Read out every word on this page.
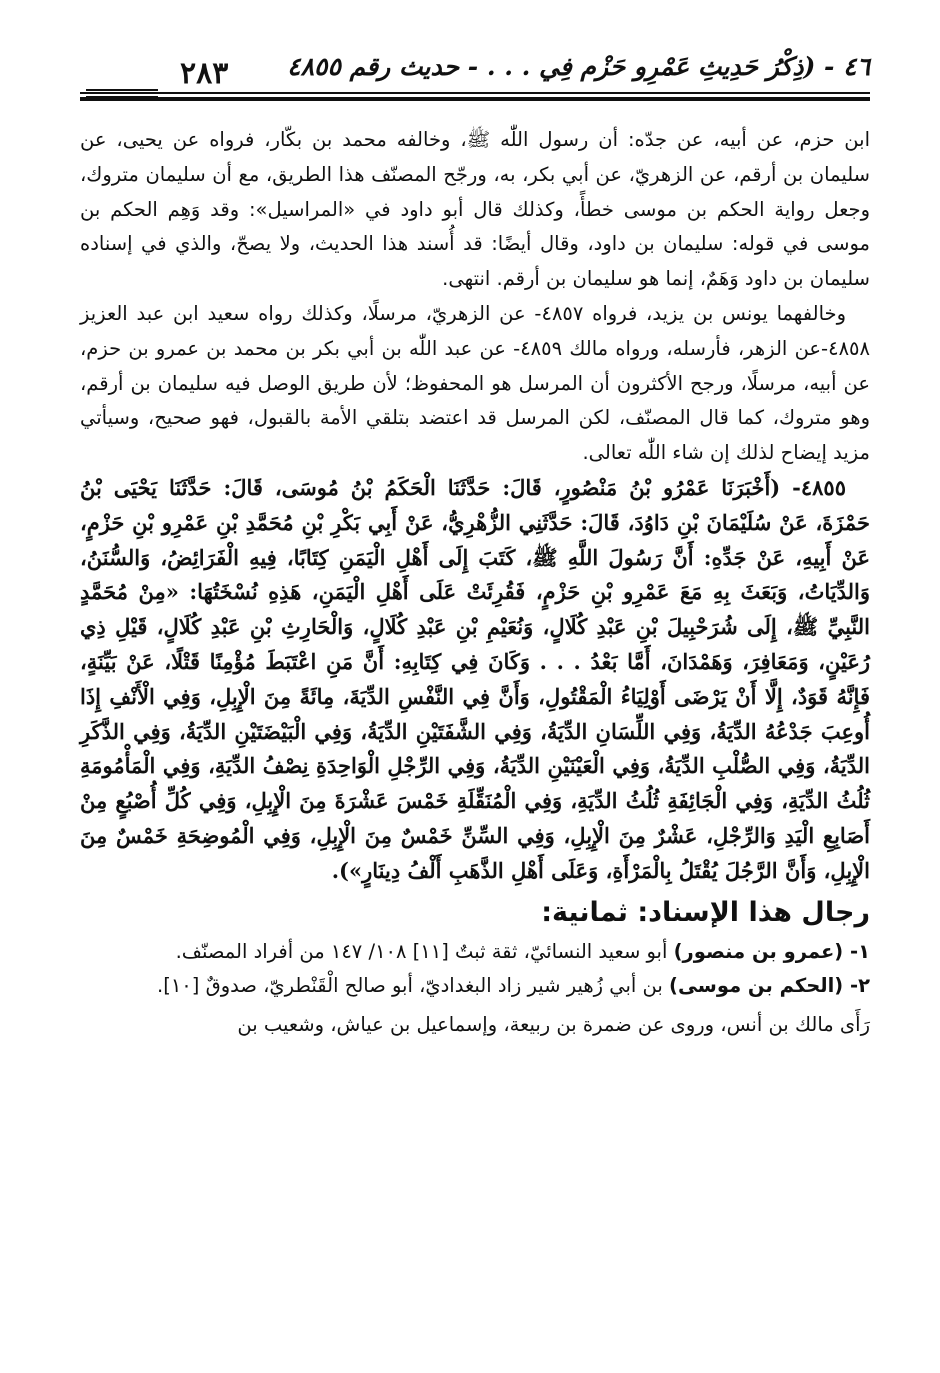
٢٨٣ ٤٦ - (ذِكْرُ حَدِيثِ عَمْرِو حَزْم فِي . . . - حديث رقم ٤٨٥٥

ابن حزم، عن أبيه، عن جدّه: أن رسول اللّٰه ﷺ، وخالفه محمد بن بكّار، فرواه عن يحيى، عن سليمان بن أرقم، عن الزهريّ، عن أبي بكر، به، ورجّح المصنّف هذا الطريق، مع أن سليمان متروك، وجعل رواية الحكم بن موسى خطأً، وكذلك قال أبو داود في «المراسيل»: وقد وَهِم الحكم بن موسى في قوله: سليمان بن داود، وقال أيضًا: قد أُسند هذا الحديث، ولا يصحّ، والذي في إسناده سليمان بن داود وَهَمٌ، إنما هو سليمان بن أرقم. انتهى.

وخالفهما يونس بن يزيد، فرواه ٤٨٥٧- عن الزهريّ، مرسلًا، وكذلك رواه سعيد ابن عبد العزيز ٤٨٥٨-عن الزهر، فأرسله، ورواه مالك ٤٨٥٩- عن عبد اللّٰه بن أبي بكر بن محمد بن عمرو بن حزم، عن أبيه، مرسلًا، ورجح الأكثرون أن المرسل هو المحفوظ؛ لأن طريق الوصل فيه سليمان بن أرقم، وهو متروك، كما قال المصنّف، لكن المرسل قد اعتضد بتلقي الأمة بالقبول، فهو صحيح، وسيأتي مزيد إيضاح لذلك إن شاء اللّٰه تعالى.

٤٨٥٥- (أَخْبَرَنَا عَمْرُو بْنُ مَنْصُورٍ، قَالَ: حَدَّثَنَا الْحَكَمُ بْنُ مُوسَى، قَالَ: حَدَّثَنَا يَحْيَى بْنُ حَمْزَةَ، عَنْ سُلَيْمَانَ بْنِ دَاوُدَ، قَالَ: حَدَّثَنِي الزُّهْرِيُّ، عَنْ أَبِي بَكْرِ بْنِ مُحَمَّدِ بْنِ عَمْرِو بْنِ حَزْمٍ، عَنْ أَبِيهِ، عَنْ جَدِّهِ: أَنَّ رَسُولَ اللَّهِ ﷺ، كَتَبَ إِلَى أَهْلِ الْيَمَنِ كِتَابًا، فِيهِ الْفَرَائِضُ، وَالسُّنَنُ، وَالدِّيَاتُ، وَبَعَثَ بِهِ مَعَ عَمْرِو بْنِ حَزْمٍ، فَقُرِئَتْ عَلَى أَهْلِ الْيَمَنِ، هَذِهِ نُسْخَتُهَا: «مِنْ مُحَمَّدٍ النَّبِيِّ ﷺ، إِلَى شُرَحْبِيلَ بْنِ عَبْدِ كُلَالٍ، وَنُعَيْمِ بْنِ عَبْدِ كُلَالٍ، وَالْحَارِثِ بْنِ عَبْدِ كُلَالٍ، قَيْلِ ذِي رُعَيْنٍ، وَمَعَافِرَ، وَهَمْدَانَ، أَمَّا بَعْدُ . . . وَكَانَ فِي كِتَابِهِ: أَنَّ مَنِ اعْتَبَطَ مُؤْمِنًا قَتْلًا، عَنْ بَيِّنَةٍ، فَإِنَّهُ قَوَدٌ، إِلَّا أَنْ يَرْضَى أَوْلِيَاءُ الْمَقْتُولِ، وَأَنَّ فِي النَّفْسِ الدِّيَةَ، مِائَةً مِنَ الْإِبِلِ، وَفِي الْأَنْفِ إِذَا أُوعِبَ جَدْعُهُ الدِّيَةُ، وَفِي اللِّسَانِ الدِّيَةُ، وَفِي الشَّفَتَيْنِ الدِّيَةُ، وَفِي الْبَيْضَتَيْنِ الدِّيَةُ، وَفِي الذَّكَرِ الدِّيَةُ، وَفِي الصُّلْبِ الدِّيَةُ، وَفِي الْعَيْنَيْنِ الدِّيَةُ، وَفِي الرِّجْلِ الْوَاحِدَةِ نِصْفُ الدِّيَةِ، وَفِي الْمَأْمُومَةِ ثُلُثُ الدِّيَةِ، وَفِي الْجَائِفَةِ ثُلُثُ الدِّيَةِ، وَفِي الْمُنَقِّلَةِ خَمْسَ عَشْرَةَ مِنَ الْإِبِلِ، وَفِي كُلِّ أُصْبُعٍ مِنْ أَصَابِعِ الْيَدِ وَالرِّجْلِ، عَشْرٌ مِنَ الْإِبِلِ، وَفِي السِّنِّ خَمْسٌ مِنَ الْإِبِلِ، وَفِي الْمُوضِحَةِ خَمْسٌ مِنَ الْإِبِلِ، وَأَنَّ الرَّجُلَ يُقْتَلُ بِالْمَرْأَةِ، وَعَلَى أَهْلِ الذَّهَبِ أَلْفُ دِينَارٍ»).

رجال هذا الإسناد: ثمانية:

١- (عمرو بن منصور) أبو سعيد النسائيّ، ثقة ثبتٌ [١١] ١٠٨/ ١٤٧ من أفراد المصنّف.

٢- (الحكم بن موسى) بن أبي زُهير شير زاد البغداديّ، أبو صالح الْقَنْطريّ، صدوقٌ [١٠].

رَأَى مالك بن أنس، وروى عن ضمرة بن ربيعة، وإسماعيل بن عياش، وشعيب بن
